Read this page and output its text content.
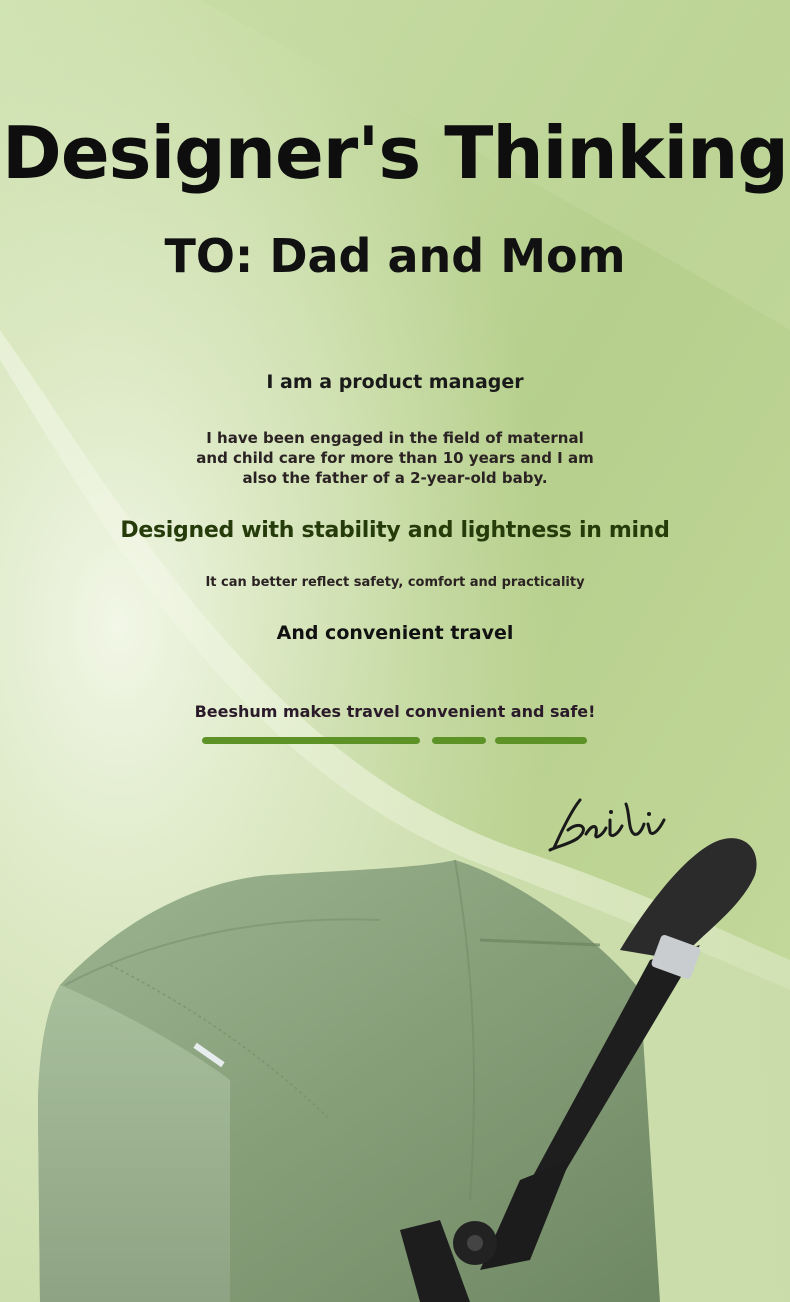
Designer's Thinking
TO: Dad and Mom
I am a product manager
I have been engaged in the field of maternal and child care for more than 10 years and I am also the father of a 2-year-old baby.
Designed with stability and lightness in mind
It can better reflect safety, comfort and practicality
And convenient travel
Beeshum makes travel convenient and safe!
